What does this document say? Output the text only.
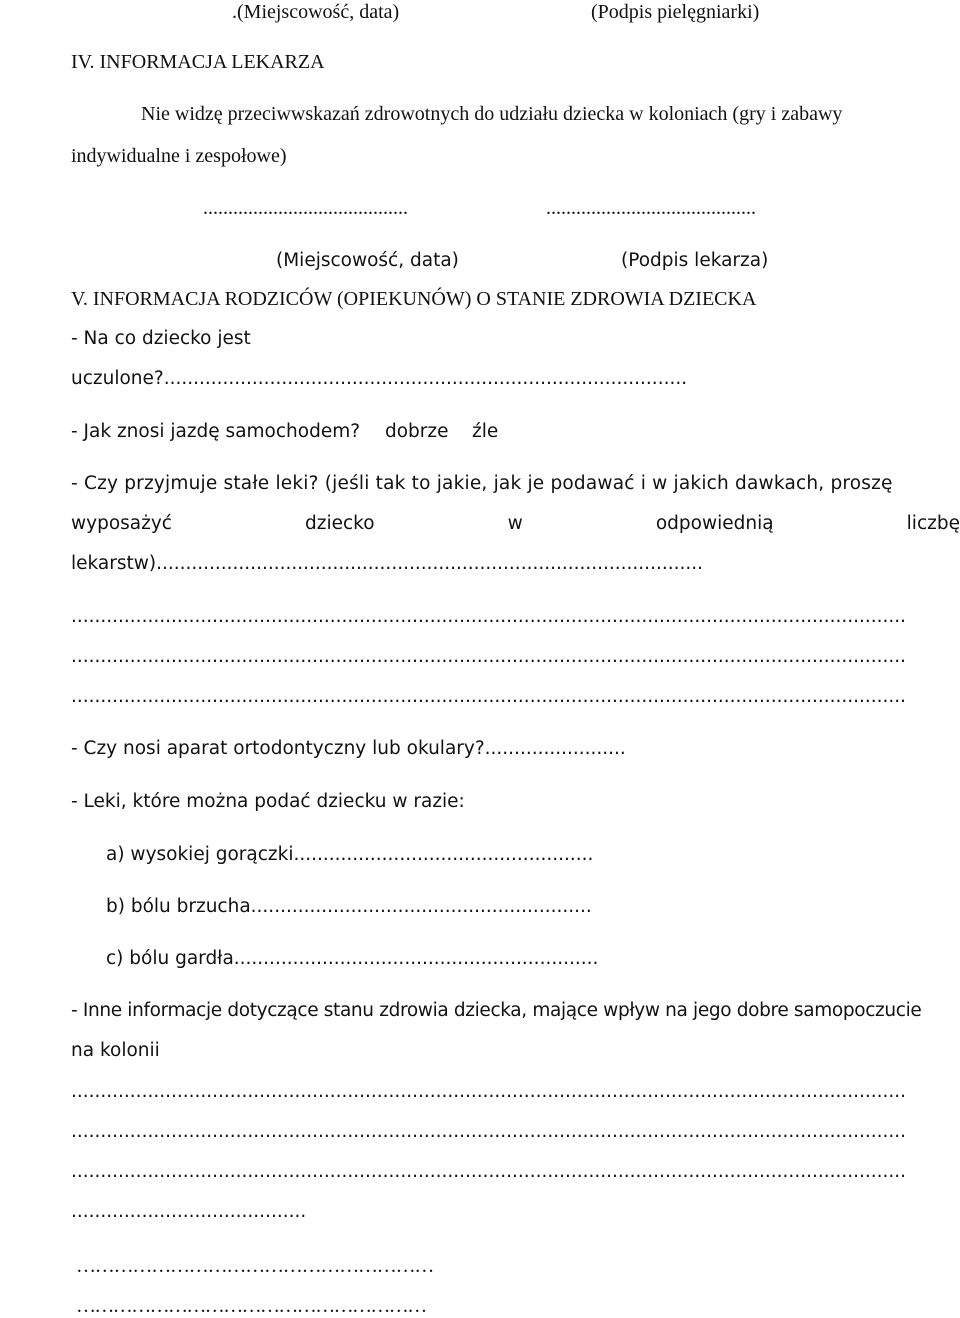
.(Miejscowość, data)	(Podpis pielęgniarki)
IV. INFORMACJA LEKARZA
Nie widzę przeciwwskazań zdrowotnych do udziału dziecka w koloniach (gry i zabawy
indywidualne i zespołowe)
.........................................	..........................................
(Miejscowość, data)	(Podpis lekarza)
V. INFORMACJA RODZICÓW (OPIEKUNÓW) O STANIE ZDROWIA DZIECKA
- Na co dziecko jest
uczulone?.........................................................................................
- Jak znosi jazdę samochodem? dobrze źle
- Czy przyjmuje stałe leki? (jeśli tak to jakie, jak je podawać i w jakich dawkach, proszę
wyposażyć	dziecko	w	odpowiednią	liczbę
lekarstw).............................................................................................
..............................................................................................................................................
..............................................................................................................................................
..............................................................................................................................................
- Czy nosi aparat ortodontyczny lub okulary?........................
- Leki, które można podać dziecku w razie:
a) wysokiej gorączki...................................................
b) bólu brzucha..........................................................
c) bólu gardła..............................................................
- Inne informacje dotyczące stanu zdrowia dziecka, mające wpływ na jego dobre samopoczucie
na kolonii
..............................................................................................................................................
..............................................................................................................................................
..............................................................................................................................................
........................................
…………………………………………………
…………………………………………………
